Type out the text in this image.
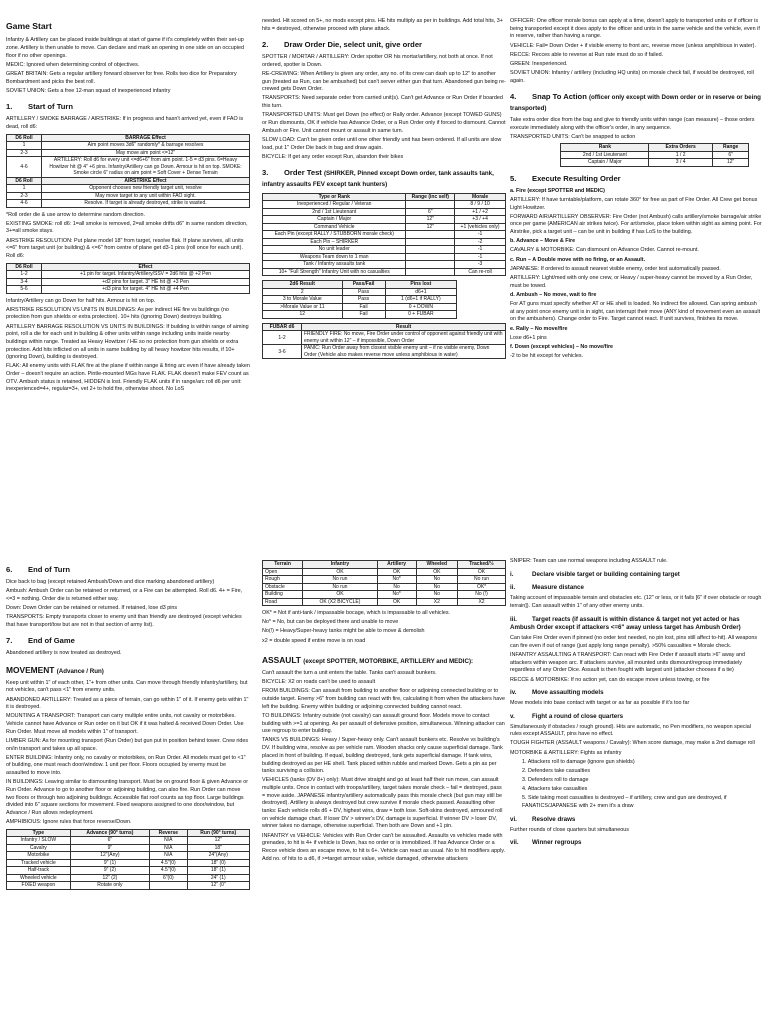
Game Start

Infantry & Artillery can be placed inside buildings at start of game if it's completely within their set-up zone. Artillery is then unable to move. Can declare and mark an opening in one side on an occupied floor if no other openings.

MEDIC: Ignored when determining control of objectives.

GREAT BRITAIN: Gets a regular artillery forward observer for free. Rolls two dice for Preparatory Bombardment and picks the best roll.

SOVIET UNION: Gets a free 12-man squad of inexperienced infantry

1. Start of Turn

ARTILLERY / SMOKE BARRAGE / AIRSTRIKE: If in progress and hasn't arrived yet, even if FAO is dead, roll d6:

D6 Roll	BARRAGE Effect
1	Aim point moves 3d6" randomly* & barrage resolves
2-3	May move aim point <=12"
4-6	ARTILLERY: Roll d6 for every unit <=d6+6" from aim point. 1-5 = d3 pins. 6=Heavy Howitzer hit @ 4" +6 pins. Infantry/Artillery can go Down. Armour is hit on top. SMOKE: Smoke circle 6" radius on aim point = Soft Cover + Dense Terrain
D6 Roll	AIRSTRIKE Effect
1	Opponent chooses new friendly target unit, resolve
2-3	May move target to any unit within FAO sight.
4-6	Resolve. If target is already destroyed, strike is wasted.

*Roll order die & use arrow to determine random direction.

EXISTING SMOKE: roll d6: 1=all smoke is removed, 2=all smoke drifts d6" in same random direction, 3+=all smoke stays.

AIRSTRIKE RESOLUTION: Put plane model 18" from target, resolve flak. If plane survives, all units <=6" from target unit (or building) & <=6" from centre of plane get d3-1 pins (roll once for each unit). Roll d6:

D6 Roll	Effect
1-2	+1 pin for target. Infantry/Artillery/SSV = 2d6 hits @ +2 Pen
3-4	+d2 pins for target. 3" HE hit @ +3 Pen
5-6	+d3 pins for target. 4" HE hit @ +4 Pen

Infantry/Artillery can go Down for half hits. Armour is hit on top.

AIRSTRIKE RESOLUTION VS UNITS IN BUILDINGS: As per indirect HE fire vs buildings (no protection from gun shields or extra protection). 10+ hits (ignoring Down) destroys building.

ARTILLERY BARRAGE RESOLUTION VS UNITS IN BUILDINGS: If building is within range of aiming point, roll a die for each unit in building & other units within range including units inside nearby buildings within range. Treated as Heavy Howitzer / HE so no protection from gun shields or extra protection. Add hits inflicted on all units in same building by all heavy howitzer hits results, if 10+ (ignoring Down), building is destroyed.

FLAK: All enemy units with FLAK fire at the plane if within range & firing arc even if have already taken Order – doesn't require an action. Pintle-mounted MGs have FLAK. FLAK doesn't make FEV count as OTV. Ambush status is retained, HIDDEN is lost. Friendly FLAK units if in range/arc roll d6 per unit: inexperienced=4+, regular=3+, vet 2+ to hold fire, otherwise shoot. No LoS

needed. Hit scored on 5+, no mods except pins. HE hits multiply as per in buildings. Add total hits, 3+ hits = destroyed, otherwise proceed with plane attack.

2. Draw Order Die, select unit, give order

SPOTTER / MORTAR / ARTILLERY: Order spotter OR his mortar/artillery, not both at once. If not ordered, spotter is Down.

RE-CREWING: When Artillery is given any order, any no. of its crew can dash up to 12" to another gun (treated as Run, can be ambushed) but can't server either gun that turn. Abandoned gun being re-crewed gets Down Order.

TRANSPORTS: Need separate order from carried unit(s). Can't get Advance or Run Order if boarded this turn.

TRANSPORTED UNITS: Must get Down (no effect) or Rally order. Advance (except TOWED GUNS) or Run dismounts, OK if vehicle has Advance Order, or a Run Order only if forced to dismount. Cannot Ambush or Fire. Unit cannot mount or assault in same turn.

SLOW LOAD: Can't be given order until one other friendly unit has been ordered. If all units are slow load, put 1" Order Die back in bag and draw again.

BICYCLE: If get any order except Run, abandon their bikes

3. Order Test (SHIRKER, Pinned except Down order, tank assaults tank, infantry assaults FEV except tank hunters)
Type or Rank	Range (inc self)	Morale
Inexperienced / Regular / Veteran		8 / 9 / 10
2nd / 1st Lieutenant	6"	+1 / +2
Captain / Major	12"	+3 / +4
Command Vehicle	12"	+1 (vehicles only)
Each Pin (except RALLY / STUBBORN morale check)		-1
Each Pin – SHIRKER		-2
No unit leader		-1
Weapons Team down to 1 man		-1
Tank / Infantry assaults tank		-3
10+ "Full Strength" Infantry Unit with no casualties		Can re-roll
2d6 Result	Pass/Fail	Pins lost
2	Pass	d6+1
3 to Morale Value	Pass	1 (d6+1 if RALLY)
>Morale Value or 11	Fail	0 + DOWN
12	Fail	0 + FUBAR
FUBAR d6	Result
1-2	FRIENDLY FIRE: No move, Fire Order under control of opponent against friendly unit with enemy unit within 12" – if impossible, Down Order
3-6	PANIC: Run Order away from closest visible enemy unit – if no visible enemy, Down Order (Vehicle also makes reverse move unless amphibious in water)

OFFICER: One officer morale bonus can apply at a time, doesn't apply to transported units or if officer is being transported except it does apply to the officer and units in the same vehicle and the vehicle, even if in reserve, rather than having a range.

VEHICLE: Fail= Down Order + if visible enemy to front arc, reverse move (unless amphibious in water).

RECCE: Recces able to reverse at Run rate must do so if failed.

GREEN: Inexperienced.

SOVIET UNION: Infantry / artillery (including HQ units) on morale check fail, if would be destroyed, roll again.

4. Snap To Action (officer only except with Down order or in reserve or being transported)

Take extra order dice from the bag and give to friendly units within range (can measure) – those orders execute immediately along with the officer's order, in any sequence.

TRANSPORTED UNITS: Can't be snapped to action

Rank	Extra Orders	Range
2nd / 1st Lieutenant	1 / 2	6"
Captain / Major	3 / 4	12"
5. Execute Resulting Order

a. Fire (except SPOTTER and MEDIC)

ARTILLERY: If have turntable/platform, can rotate 360° for free as part of Fire Order. All Crew get bonus Light Howitzer.

FORWARD AIR/ARTILLERY OBSERVER: Fire Order (not Ambush) calls artillery/smoke barrage/air strike once per game (AMERICAN air strikes twice). For art/smoke, place token within sight as aiming point. For Airstrike, pick a target unit – can be unit in building if has LoS to the building.

b. Advance – Move & Fire

CAVALRY & MOTORBIKE: Can dismount on Advance Order. Cannot re-mount.

c. Run – A Double move with no firing, or an Assault.

JAPANESE: If ordered to assault nearest visible enemy, order test automatically passed.

ARTILLERY: Light/med with only one crew, or Heavy / super-heavy cannot be moved by a Run Order, must be towed.

d. Ambush – No move, wait to fire

For AT guns must specify whether AT or HE shell is loaded. No indirect fire allowed. Can spring ambush at any point once enemy unit is in sight, can interrupt their move (ANY kind of movement even an assault on the ambushers). Change order to Fire. Target cannot react. If unit survives, finishes its move.

e. Rally – No move/fire

Lose d6+1 pins

f. Down (except vehicles) – No move/fire

-2 to be hit except for vehicles.

6. End of Turn

Dice back to bag (except retained Ambush/Down and dice marking abandoned artillery)

Ambush: Ambush Order can be retained or returned, or a Fire can be attempted. Roll d6. 4+ = Fire, <=3 = nothing. Order die is returned either way.

Down: Down Order can be retained or returned. If retained, lose d3 pins

TRANSPORTS: Empty transports closer to enemy unit than friendly are destroyed (except vehicles that have transport/tow but are not in that section of army list).

7. End of Game

Abandoned artillery is now treated as destroyed.

MOVEMENT (Advance / Run)

Keep unit within 1" of each other, 1"+ from other units. Can move through friendly infantry/artillery, but not vehicles, can't pass <1" from enemy units.

ABANDONED ARTILLERY: Treated as a piece of terrain, can go within 1" of it. If enemy gets within 1" it is destroyed.

MOUNTING A TRANSPORT: Transport can carry multiple entire units, not cavalry or motorbikes. Vehicle cannot have Advance or Run order on it but OK if it was halted & received Down Order. Use Run Order. Must move all models within 1" of transport.

LIMBER GUN: As for mounting transport (Run Order) but gun put in position behind tower. Crew rides on/in transport and takes up all space.

ENTER BUILDING: Infantry only, no cavalry or motorbikes, on Run Order. All models must get to <1" of building, one must reach door/window. 1 unit per floor. Floors occupied by enemy must be assaulted to move into.

IN BUILDINGS: Leaving similar to dismounting transport. Must be on ground floor & given Advance or Run Order. Advance to go to another floor or adjoining building, can also fire. Run Order can move two floors or through two adjoining buildings. Accessible flat roof counts as top floor. Large buildings divided into 6" square sections for movement. Fixed weapons assigned to one door/window, but Advance / Run allows redeployment.

AMPHIBIOUS: Ignore rules that force reverse/Down.

Type	Advance (90° turns)	Reverse	Run (90° turns)
Infantry / SLOW	6"	N/A	12"
Cavalry	9"	N/A	18"
Motorbike	12"(Any)	N/A	24"(Any)
Tracked vehicle	9" (1)	4.5"(0)	18" (0)
Half-track	9" (2)	4.5"(0)	18" (1)
Wheeled vehicle	12" (2)	6"(0)	24" (1)
FIXED weapon	Rotate only		12" (0"
Terrain	Infantry	Artillery	Wheeled	Tracked/½
Open	OK	OK	OK	OK
Rough	No run	No*	No	No run
Obstacle	No run	No	No	OK*
Building	OK	No*	No	No (!)
Road	OK (X2 BICYCLE)	OK	X2	X2

OK* = Not if anti-tank / impassable bocage, which is impassable to all vehicles.

No* = No, but can be deployed there and unable to move

No(!) = Heavy/Super-heavy tanks might be able to move & demolish

x2 = double speed if entire move is on road

ASSAULT (except SPOTTER, MOTORBIKE, ARTILLERY and MEDIC):

Can't assault the turn a unit enters the table. Tanks can't assault bunkers.

BICYCLE: X2 on roads can't be used to assault

FROM BUILDINGS: Can assault from building to another floor or adjoining connected building or to outside target. Enemy >6" from building can react with fire, calculating it from when the attackers have left the building. Enemy within building or adjoining connected building cannot react.

TO BUILDINGS: Infantry outside (not cavalry) can assault ground floor. Models move to contact building with >=1 at opening. As per assault of defensive position, simultaneous. Winning attacker can use regroup to enter building.

TANKS VS BUILDINGS: Heavy / Super-heavy only. Can't assault bunkers etc. Resolve vs building's DV. If building wins, resolve as per vehicle ram. Wooden shacks only cause superficial damage. Tank placed in front of building. If equal, building destroyed, tank gets superficial damage. If tank wins, building destroyed as per HE shell. Tank placed within rubble and marked Down. Gets a pin as per tanks surviving a collision.

VEHICLES (tanks (DV 8+) only): Must drive straight and go at least half their run move, can assault multiple units. Once in contact with troops/artillery, target takes morale check – fail = destroyed, pass = move aside. JAPANESE infantry/artillery automatically pass this morale check (but gun may still be destroyed). Artillery is always destroyed but crew survive if morale check passed. Assaulting other tanks: Each vehicle rolls d6 + DV, highest wins, draw = both lose. Soft-skins destroyed, armoured roll on vehicle damage chart. If loser DV > winner's DV, damage is superficial. If winner DV > loser DV, winner takes no damage, otherwise superficial. Then both are Down and +1 pin.

INFANTRY vs VEHICLE: Vehicles with Run Order can't be assaulted. Assaults vs vehicles made with grenades, to hit is 4+ if vehicle is Down, has no order or is immobilized. If has Advance Order or a Recce vehicle does an escape move, to hit is 6+. Vehicle can react as usual. No to hit modifiers apply. Add no. of hits to a d6, if >=target armour value, vehicle damaged, otherwise attackers

SNIPER: Team can use normal weapons including ASSAULT rule.

i.	Declare visible target or building containing target
ii.	Measure distance

Taking account of impassable terrain and obstacles etc. (12" or less, or it fails [6" if over obstacle or rough terrain]). Can assault within 1" of any other enemy units.

iii. Target reacts (if assault is within distance & target not yet acted or has Ambush Order except if attackers <=6" away unless target has Ambush Order)

Can take Fire Order even if pinned (no order test needed, no pin lost, pins still affect to-hit). All weapons can fire even if out of range (just apply long range penalty). >50% casualties = Morale check.

INFANTRY ASSAULTING A TRANSPORT: Can react with Fire Order if assault starts >6" away and attackers within weapon arc. If attackers survive, all mounted units dismount/regroup immediately regardless of any Order Dice. Assault is then fought with largest unit (attacker chooses if a tie)

RECCE & MOTORBIKE: If no action yet, can do escape move unless towing, or fire

iv.	Move assaulting models

Move models into base contact with target or as far as possible if it's too far

v.	Fight a round of close quarters

Simultaneously if obstacles / rough ground). Hits are automatic, no Pen modifiers, no weapon special rules except ASSAULT, pins have no effect.

TOUGH FIGHTER (ASSAULT weapons / Cavalry): When score damage, may make a 2nd damage roll

MOTORBIKE & ARTILLERY: Fights as infantry

1. Attackers roll to damage (ignore gun shields)

2. Defenders take casualties

3. Defenders roll to damage

4. Attackers take casualties

5. Side taking most casualties is destroyed – if artillery, crew and gun are destroyed, if FANATICS/JAPANESE with 2+ men it's a draw

vi. Resolve draws

Further rounds of close quarters but simultaneous

vii. Winner regroups
